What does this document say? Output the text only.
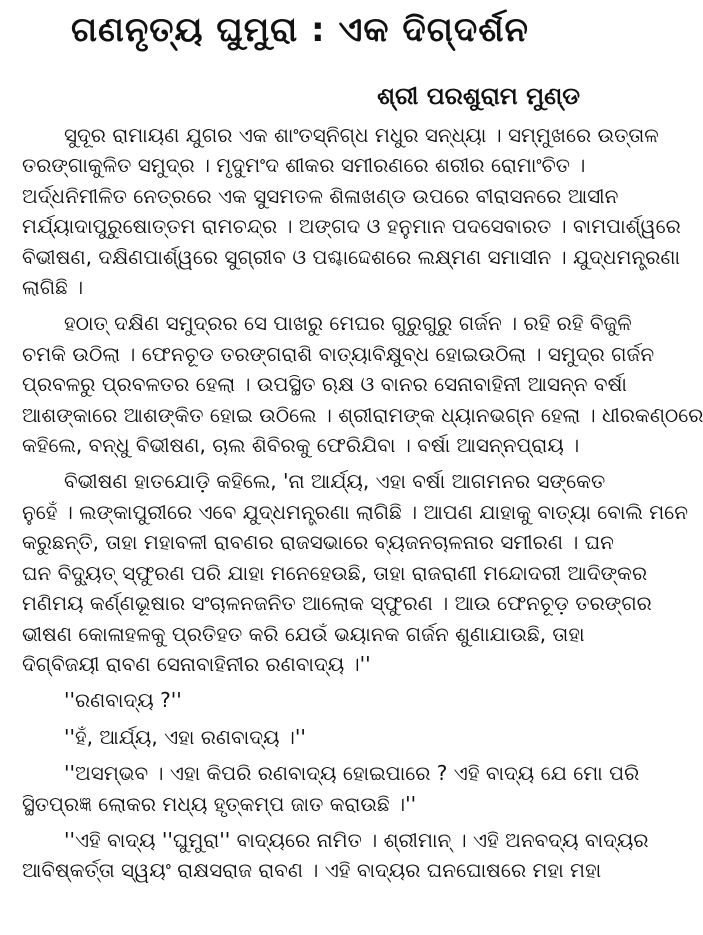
ଗଣନୃତ୍ୟ ଘୁମୁରା : ଏକ ଦିଗ୍‌ଦର୍ଶନ
ଶ୍ରୀ ପରଶୁରାମ ମୁଣ୍ଡ
ସୁଦୂର ରାମାୟଣ ଯୁଗର ଏକ ଶାଂତସ୍ନିଗ୍ଧ ମଧୁର ସନ୍ଧ୍ୟା । ସମ୍ମୁଖରେ ଉତ୍ତାଳ
ତରଙ୍ଗାକୁଳିତ ସମୁଦ୍ର । ମୃଦୁମଂଦ ଶୀକର ସମୀରଣରେ ଶରୀର ରୋମାଂଚିତ ।
ଅର୍ଦ୍ଧନିମୀଳିତ ନେତ୍ରରେ ଏକ ସୁସମତଳ ଶିଳାଖଣ୍ଡ ଉପରେ ବୀରାସନରେ ଆସୀନ
ମର୍ଯ୍ୟାଦାପୁରୁଷୋତ୍ତମ ରାମଚନ୍ଦ୍ର । ଅଙ୍ଗଦ ଓ ହନୁମାନ ପଦସେବାରତ । ବାମପାର୍ଶ୍ୱରେ
ବିଭୀଷଣ, ଦକ୍ଷିଣପାର୍ଶ୍ୱରେ ସୁଗ୍ରୀବ ଓ ପଶ୍ଚାଦ୍ଦେଶରେ ଲକ୍ଷ୍ମଣ ସମାସୀନ । ଯୁଦ୍ଧମନ୍ତ୍ରଣା
ଲାଗିଛି ।
ହଠାତ୍ ଦକ୍ଷିଣ ସମୁଦ୍ରର ସେ ପାଖରୁ ମେଘର ଗୁରୁଗୁରୁ ଗର୍ଜନ । ରହି ରହି ବିଜୁଳି
ଚମକି ଉଠିଲା । ଫେନଚୂଡ ତରଙ୍ଗରାଶି ବାତ୍ୟାବିକ୍ଷୁବ୍ଧ ହୋଇଉଠିଲା । ସମୁଦ୍ର ଗର୍ଜନ
ପ୍ରବଳରୁ ପ୍ରବଳତର ହେଲା । ଉପସ୍ଥିତ ଋକ୍ଷ ଓ ବାନର ସେନାବାହିନୀ ଆସନ୍ନ ବର୍ଷା
ଆଶଙ୍କାରେ ଆଶଙ୍କିତ ହୋଇ ଉଠିଲେ । ଶ୍ରୀରାମଙ୍କ ଧ୍ୟାନଭଗ୍ନ ହେଲା । ଧୀରକଣ୍ଠରେ
କହିଲେ, ବନ୍ଧୁ ବିଭୀଷଣ, ଚାଲ ଶିବିରକୁ ଫେରିଯିବା । ବର୍ଷା ଆସନ୍ନପ୍ରାୟ ।
ବିଭୀଷଣ ହାତଯୋଡ଼ି କହିଲେ, 'ନା ଆର୍ଯ୍ୟ, ଏହା ବର୍ଷା ଆଗମନର ସଙ୍କେତ
ନୁହେଁ । ଲଙ୍କାପୁରୀରେ ଏବେ ଯୁଦ୍ଧମନ୍ତ୍ରଣା ଲାଗିଛି । ଆପଣ ଯାହାକୁ ବାତ୍ୟା ବୋଲି ମନେ
କରୁଛନ୍ତି, ତାହା ମହାବଳୀ ରାବଣର ରାଜସଭାରେ ବ୍ୟଜନଚାଳନାର ସମୀରଣ । ଘନ
ଘନ ବିଦ୍ୟୁତ୍ ସ୍ଫୁରଣ ପରି ଯାହା ମନେହେଉଛି, ତାହା ରାଜରାଣୀ ମନ୍ଦୋଦରୀ ଆଦିଙ୍କର
ମଣିମୟ କର୍ଣ୍ଣଭୂଷାର ସଂଚାଳନଜନିତ ଆଲୋକ ସ୍ଫୁରଣ । ଆଉ ଫେନଚୂଡ଼ ତରଙ୍ଗର
ଭୀଷଣ କୋଳାହଳକୁ ପ୍ରତିହତ କରି ଯେଉଁ ଭୟାନକ ଗର୍ଜନ ଶୁଣାଯାଉଛି, ତାହା
ଦିଗ୍‌ବିଜୟୀ ରାବଣ ସେନାବାହିନୀର ରଣବାଦ୍ୟ ।''
''ରଣବାଦ୍ୟ ?''
''ହଁ, ଆର୍ଯ୍ୟ, ଏହା ରଣବାଦ୍ୟ ।''
''ଅସମ୍ଭବ । ଏହା କିପରି ରଣବାଦ୍ୟ ହୋଇପାରେ ? ଏହି ବାଦ୍ୟ ଯେ ମୋ ପରି
ସ୍ଥିତପ୍ରଜ୍ଞ ଲୋକର ମଧ୍ୟ ହୃତ୍‌କମ୍ପ ଜାତ କରାଉଛି ।''
''ଏହି ବାଦ୍ୟ ''ଘୁମୁରା'' ବାଦ୍ୟରେ ନାମିତ । ଶ୍ରୀମାନ୍ । ଏହି ଅନବଦ୍ୟ ବାଦ୍ୟର
ଆବିଷ୍କର୍ତ୍ତା ସ୍ୱୟଂ ରାକ୍ଷସରାଜ ରାବଣ । ଏହି ବାଦ୍ୟର ଘନଘୋଷରେ ମହା ମହା
